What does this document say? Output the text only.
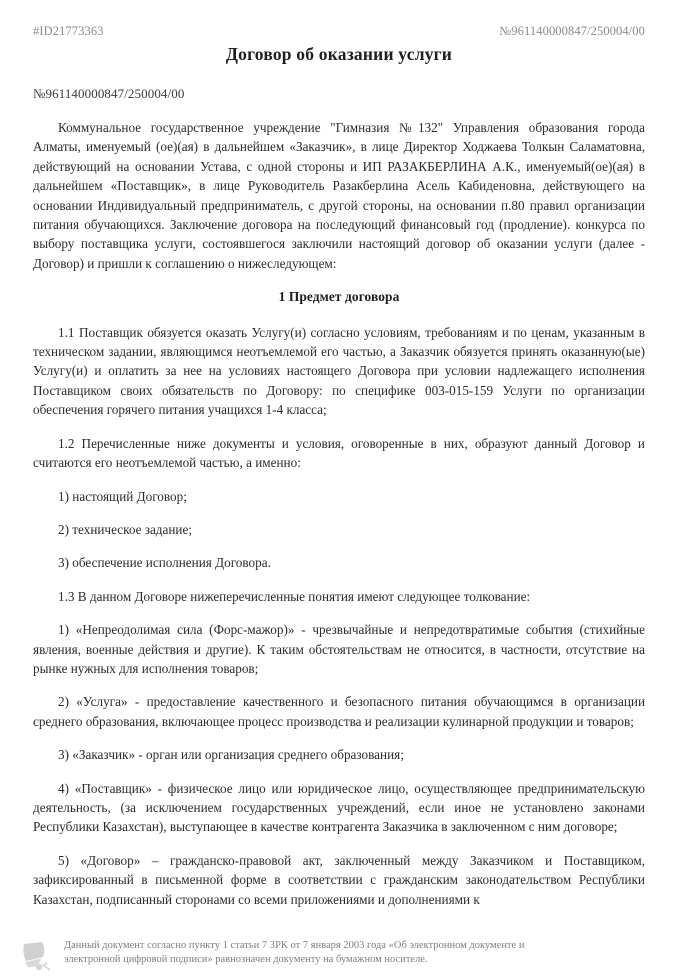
#ID21773363	№961140000847/250004/00
Договор об оказании услуги
№961140000847/250004/00

Коммунальное государственное учреждение "Гимназия №132" Управления образования города Алматы, именуемый (ое)(ая) в дальнейшем «Заказчик», в лице Директор Ходжаева Толкын Саламатовна, действующий на основании Устава, с одной стороны и ИП РАЗАКБЕРЛИНА А.К., именуемый(ое)(ая) в дальнейшем «Поставщик», в лице Руководитель Разакберлина Асель Кабиденовна, действующего на основании Индивидуальный предприниматель, с другой стороны, на основании п.80 правил организации питания обучающихся. Заключение договора на последующий финансовый год (продление). конкурса по выбору поставщика услуги, состоявшегося заключили настоящий договор об оказании услуги (далее - Договор) и пришли к соглашению о нижеследующем:

1 Предмет договора

1.1 Поставщик обязуется оказать Услугу(и) согласно условиям, требованиям и по ценам, указанным в техническом задании, являющимся неотъемлемой его частью, а Заказчик обязуется принять оказанную(ые) Услугу(и) и оплатить за нее на условиях настоящего Договора при условии надлежащего исполнения Поставщиком своих обязательств по Договору: по специфике 003-015-159 Услуги по организации обеспечения горячего питания учащихся 1-4 класса;

1.2 Перечисленные ниже документы и условия, оговоренные в них, образуют данный Договор и считаются его неотъемлемой частью, а именно:

1) настоящий Договор;

2) техническое задание;

3) обеспечение исполнения Договора.

1.3 В данном Договоре нижеперечисленные понятия имеют следующее толкование:

1) «Непреодолимая сила (Форс-мажор)» - чрезвычайные и непредотвратимые события (стихийные явления, военные действия и другие). К таким обстоятельствам не относится, в частности, отсутствие на рынке нужных для исполнения товаров;

2) «Услуга» - предоставление качественного и безопасного питания обучающимся в организации среднего образования, включающее процесс производства и реализации кулинарной продукции и товаров;

3) «Заказчик» - орган или организация среднего образования;

4) «Поставщик» - физическое лицо или юридическое лицо, осуществляющее предпринимательскую деятельность, (за исключением государственных учреждений, если иное не установлено законами Республики Казахстан), выступающее в качестве контрагента Заказчика в заключенном с ним договоре;

5) «Договор» – гражданско-правовой акт, заключенный между Заказчиком и Поставщиком, зафиксированный в письменной форме в соответствии с гражданским законодательством Республики Казахстан, подписанный сторонами со всеми приложениями и дополнениями к

Данный документ согласно пункту 1 статьи 7 ЗРК от 7 января 2003 года «Об электронном документе и
электронной цифровой подписи» равнозначен документу на бумажном носителе.
